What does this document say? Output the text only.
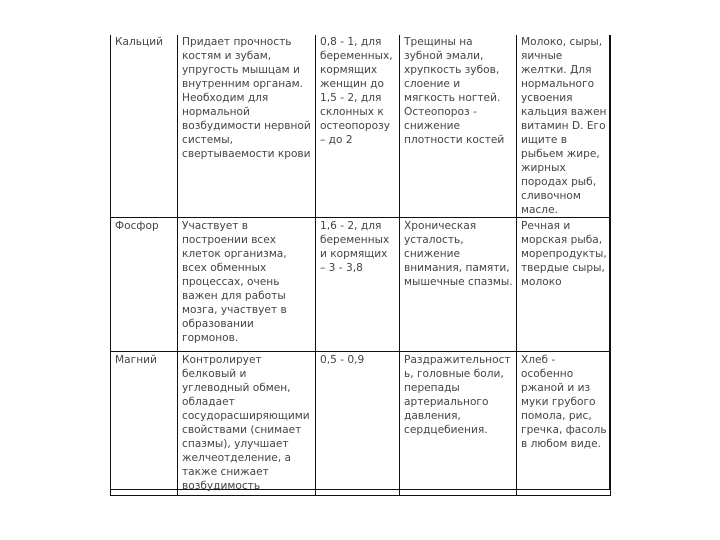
Кальций	Придает прочность костям и зубам, упругость мышцам и внутренним органам. Необходим для нормальной возбудимости нервной системы, свертываемости крови	0,8 - 1, для беременных, кормящих женщин до 1,5 - 2, для склонных к остеопорозу – до 2	Трещины на зубной эмали, хрупкость зубов, слоение и мягкость ногтей. Остеопороз - снижение плотности костей	Молоко, сыры, яичные желтки. Для нормального усвоения кальция важен витамин D. Его ищите в рыбьем жире, жирных породах рыб, сливочном масле.
Фосфор	Участвует в построении всех клеток организма, всех обменных процессах, очень важен для работы мозга, участвует в образовании гормонов.	1,6 - 2, для беременных и кормящих – 3 - 3,8	Хроническая усталость, снижение внимания, памяти, мышечные спазмы.	Речная и морская рыба, морепродукты, твердые сыры, молоко
Магний	Контролирует белковый и углеводный обмен, обладает сосудорасширяющими свойствами (снимает спазмы), улучшает желчеотделение, а также снижает возбудимость	0,5 - 0,9	Раздражительность, головные боли, перепады артериального давления, сердцебиения.	Хлеб - особенно ржаной и из муки грубого помола, рис, гречка, фасоль в любом виде.
